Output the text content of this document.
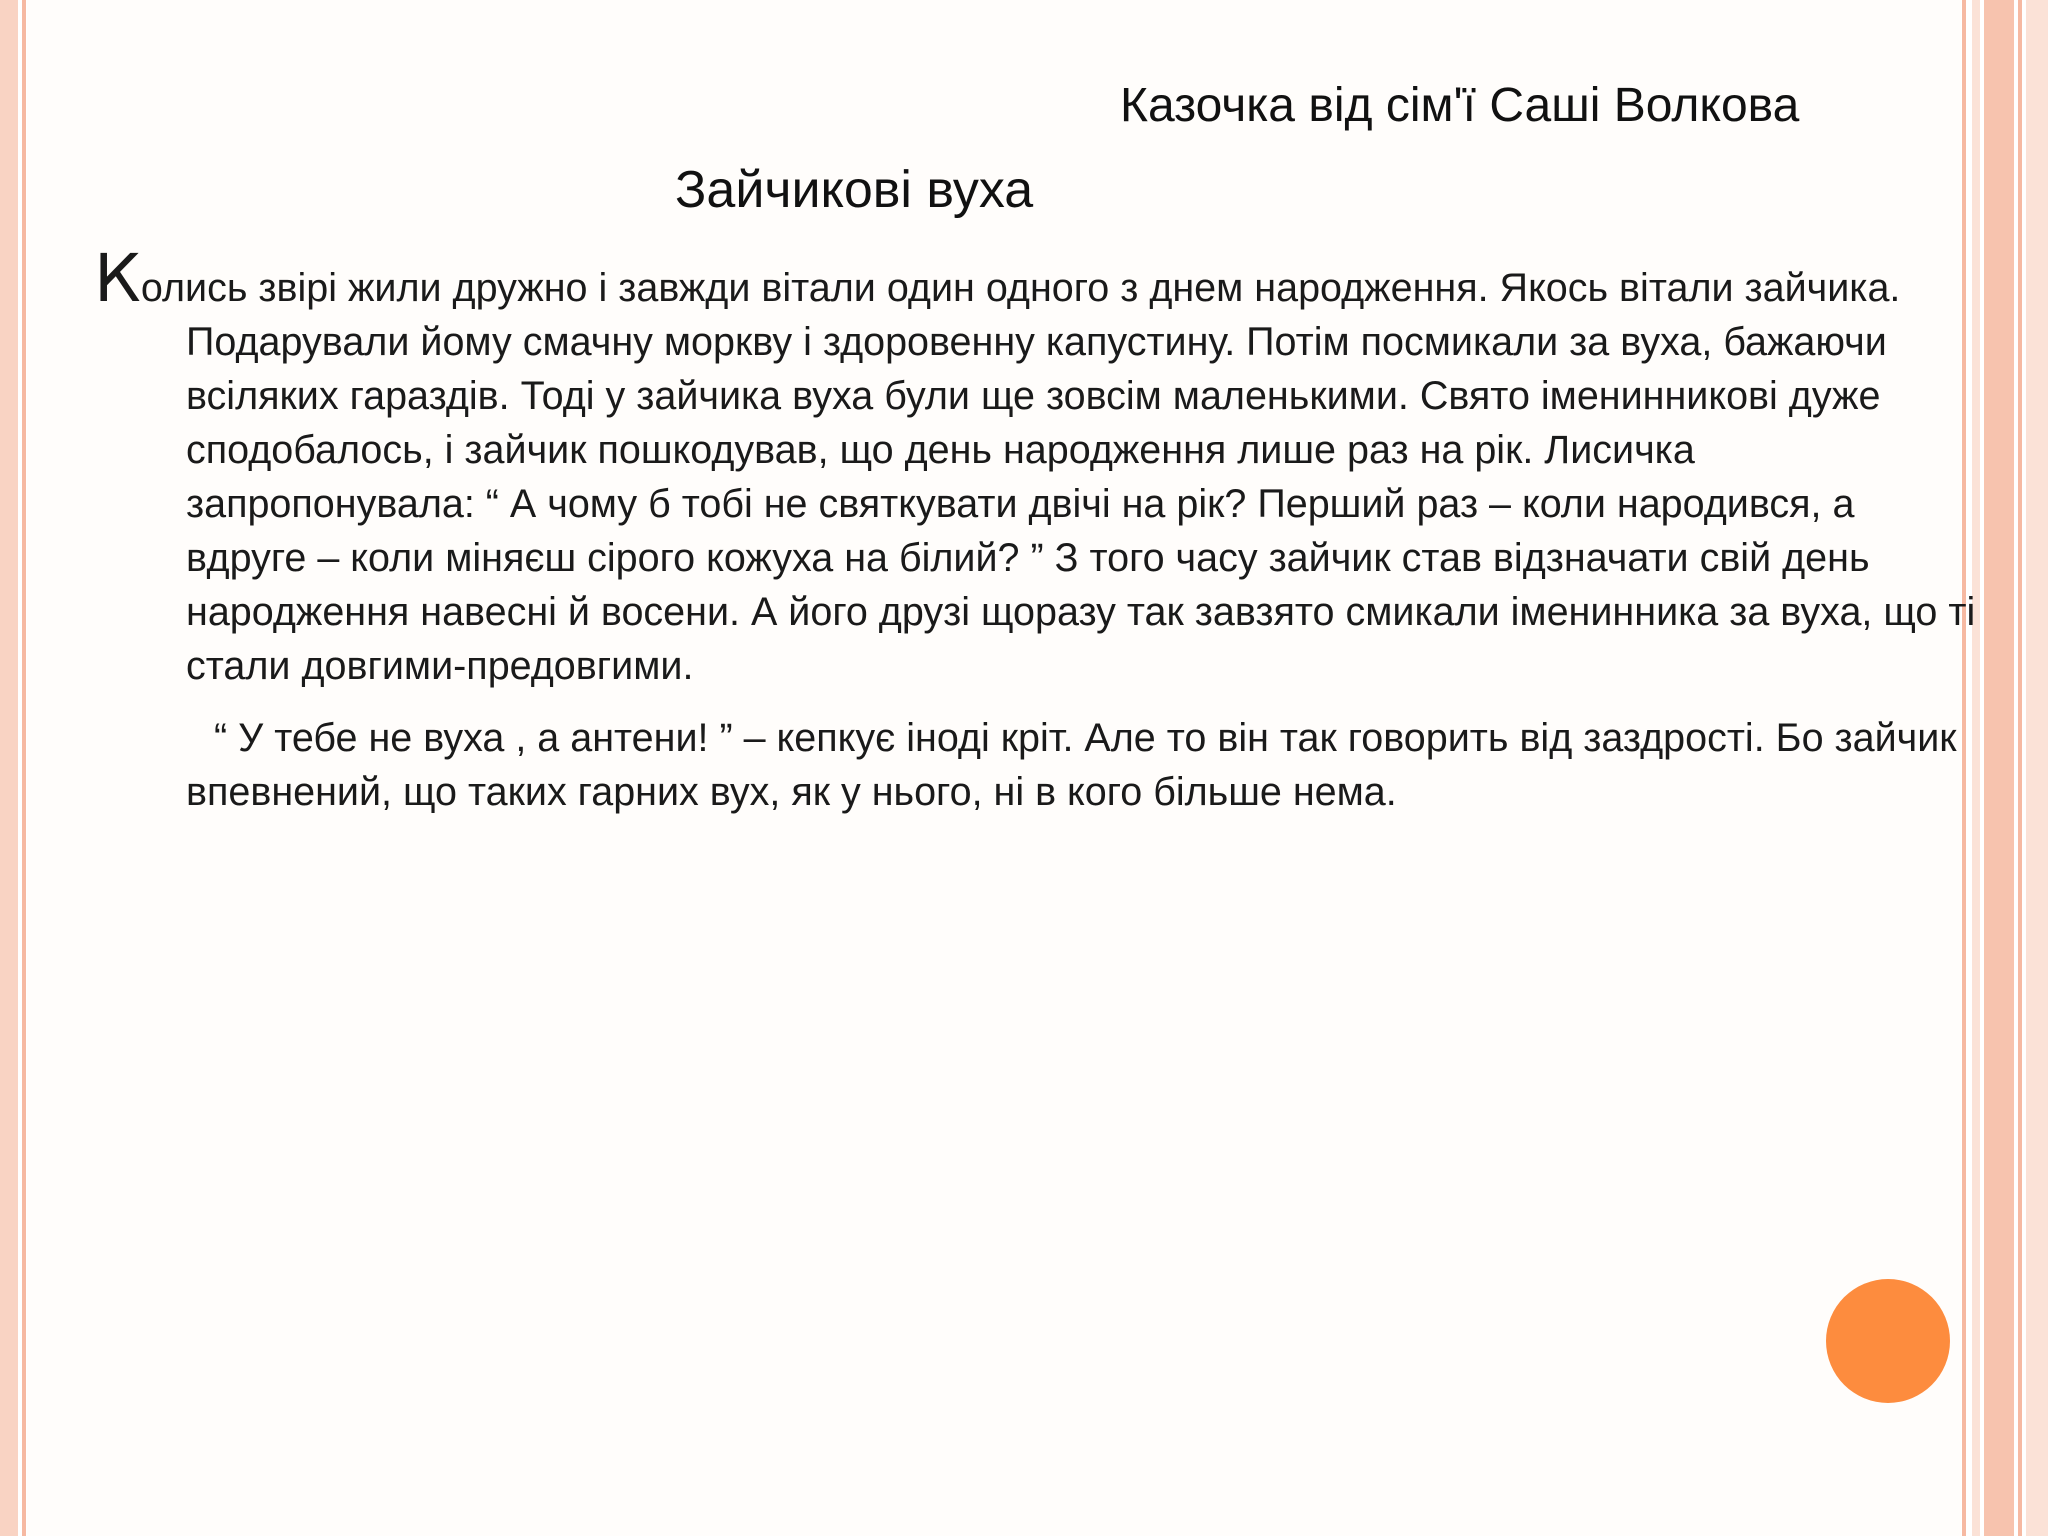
Казочка від сім'ї Саші Волкова

Зайчикові вуха

Колись звірі жили дружно і завжди вітали один одного з днем народження. Якось вітали зайчика. Подарували йому смачну моркву і здоровенну капустину. Потім посмикали за вуха, бажаючи всіляких гараздів. Тоді у зайчика вуха були ще зовсім маленькими. Свято іменинникові дуже сподобалось, і зайчик пошкодував, що день народження лише раз на рік. Лисичка запропонувала: “ А чому б тобі не святкувати двічі на рік? Перший раз – коли народився, а вдруге – коли міняєш сірого кожуха на білий? ” З того часу зайчик став відзначати свій день народження навесні й восени. А його друзі щоразу так завзято смикали іменинника за вуха, що ті стали довгими-предовгими.

“ У тебе не вуха , а антени! ” – кепкує іноді кріт. Але то він так говорить від заздрості. Бо зайчик впевнений, що таких гарних вух, як у нього, ні в кого більше нема.
